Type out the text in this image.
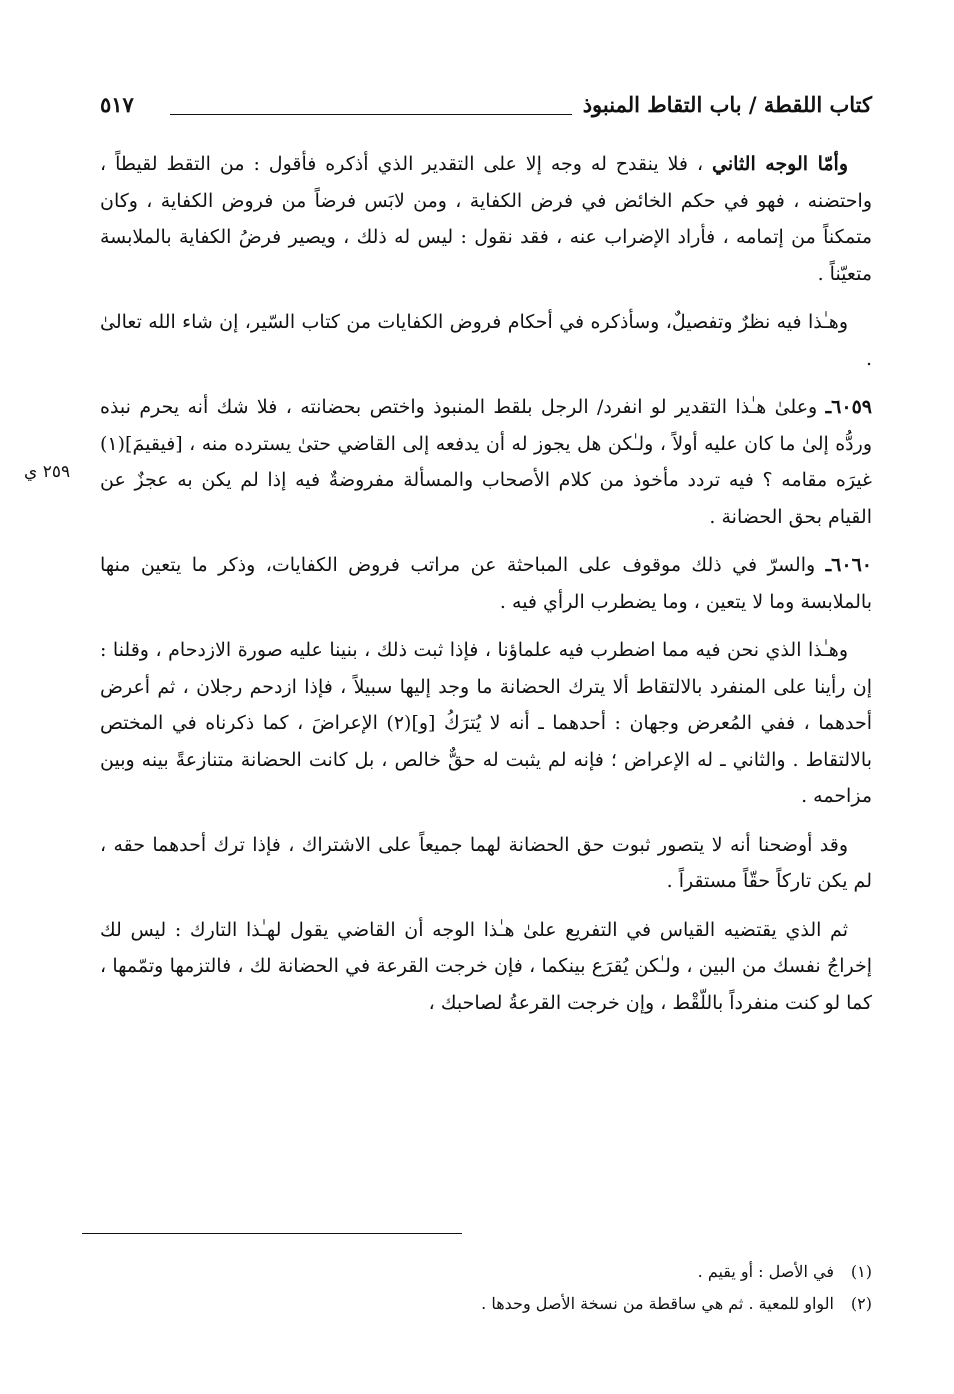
كتاب اللقطة / باب التقاط المنبوذ
٥١٧
٢٥٩ ي

وأمّا الوجه الثاني ، فلا ينقدح له وجه إلا على التقدير الذي أذكره فأقول : من التقط لقيطاً ، واحتضنه ، فهو في حكم الخائض في فرض الكفاية ، ومن لابَس فرضاً من فروض الكفاية ، وكان متمكناً من إتمامه ، فأراد الإضراب عنه ، فقد نقول : ليس له ذلك ، ويصير فرضُ الكفاية بالملابسة متعيّناً .

وهـٰذا فيه نظرٌ وتفصيلٌ، وسأذكره في أحكام فروض الكفايات من كتاب السّير، إن شاء الله تعالىٰ .

٦٠٥٩ـ وعلىٰ هـٰذا التقدير لو انفرد/ الرجل بلقط المنبوذ واختص بحضانته ، فلا شك أنه يحرم نبذه وردُّه إلىٰ ما كان عليه أولاً ، ولـٰكن هل يجوز له أن يدفعه إلى القاضي حتىٰ يسترده منه ، [فيقيمَ](١) غيرَه مقامه ؟ فيه تردد مأخوذ من كلام الأصحاب والمسألة مفروضةٌ فيه إذا لم يكن به عجزٌ عن القيام بحق الحضانة .

٦٠٦٠ـ والسرّ في ذلك موقوف على المباحثة عن مراتب فروض الكفايات، وذكر ما يتعين منها بالملابسة وما لا يتعين ، وما يضطرب الرأي فيه .

وهـٰذا الذي نحن فيه مما اضطرب فيه علماؤنا ، فإذا ثبت ذلك ، بنينا عليه صورة الازدحام ، وقلنا : إن رأينا على المنفرد بالالتقاط ألا يترك الحضانة ما وجد إليها سبيلاً ، فإذا ازدحم رجلان ، ثم أعرض أحدهما ، ففي المُعرض وجهان : أحدهما ـ أنه لا يُترَكُ [و](٢) الإعراضَ ، كما ذكرناه في المختص بالالتقاط . والثاني ـ له الإعراض ؛ فإنه لم يثبت له حقٌّ خالص ، بل كانت الحضانة متنازعةً بينه وبين مزاحمه .

وقد أوضحنا أنه لا يتصور ثبوت حق الحضانة لهما جميعاً على الاشتراك ، فإذا ترك أحدهما حقه ، لم يكن تاركاً حقّاً مستقراً .

ثم الذي يقتضيه القياس في التفريع علىٰ هـٰذا الوجه أن القاضي يقول لهـٰذا التارك : ليس لك إخراجُ نفسك من البين ، ولـٰكن يُقرَع بينكما ، فإن خرجت القرعة في الحضانة لك ، فالتزمها وتمّمها ، كما لو كنت منفرداً باللّقْط ، وإن خرجت القرعةُ لصاحبك ،

(١)في الأصل : أو يقيم .
(٢)الواو للمعية . ثم هي ساقطة من نسخة الأصل وحدها .
